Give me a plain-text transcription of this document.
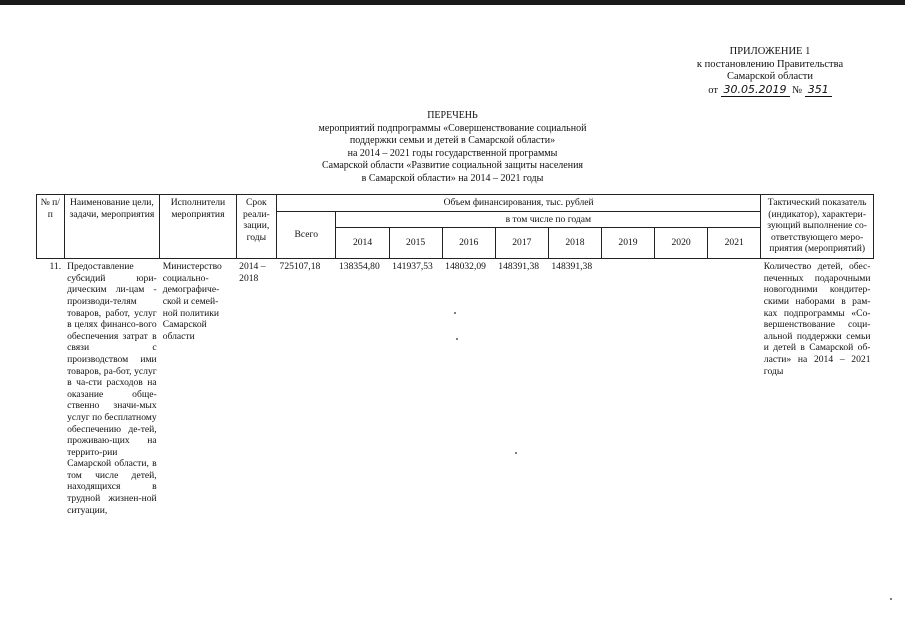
ПРИЛОЖЕНИЕ 1
к постановлению Правительства
Самарской области
от 30.05.2019 № 351
ПЕРЕЧЕНЬ
мероприятий подпрограммы «Совершенствование социальной
поддержки семьи и детей в Самарской области»
на 2014 – 2021 годы государственной программы
Самарской области «Развитие социальной защиты населения
в Самарской области» на 2014 – 2021 годы
№ п/п	Наименование цели, задачи, мероприятия	Исполнители мероприятия	Срок реали-зации, годы	Объем финансирования, тыс. рублей									Тактический показатель (индикатор), характери-зующий выполнение со-ответствующего меро-приятия (мероприятий)
				Всего	в том числе по годам								
					2014	2015	2016	2017	2018	2019	2020	2021	
11.	Предоставление субсидий юри-дическим ли-цам - производи-телям товаров, работ, услуг в целях финансо-вого обеспечения затрат в связи с производством ими товаров, ра-бот, услуг в ча-сти расходов на оказание обще-ственно значи-мых услуг по бесплатному обеспечению де-тей, проживаю-щих на террито-рии Самарской области, в том числе детей, находящихся в трудной жизнен-ной ситуации,	Министерство социально-демографиче-ской и семей-ной политики Самарской области	2014 – 2018	725107,18	138354,80	141937,53	148032,09	148391,38	148391,38				Количество детей, обес-печенных подарочными новогодними кондитер-скими наборами в рам-ках подпрограммы «Со-вершенствование соци-альной поддержки семьи и детей в Самарской об-ласти» на 2014 – 2021 годы
